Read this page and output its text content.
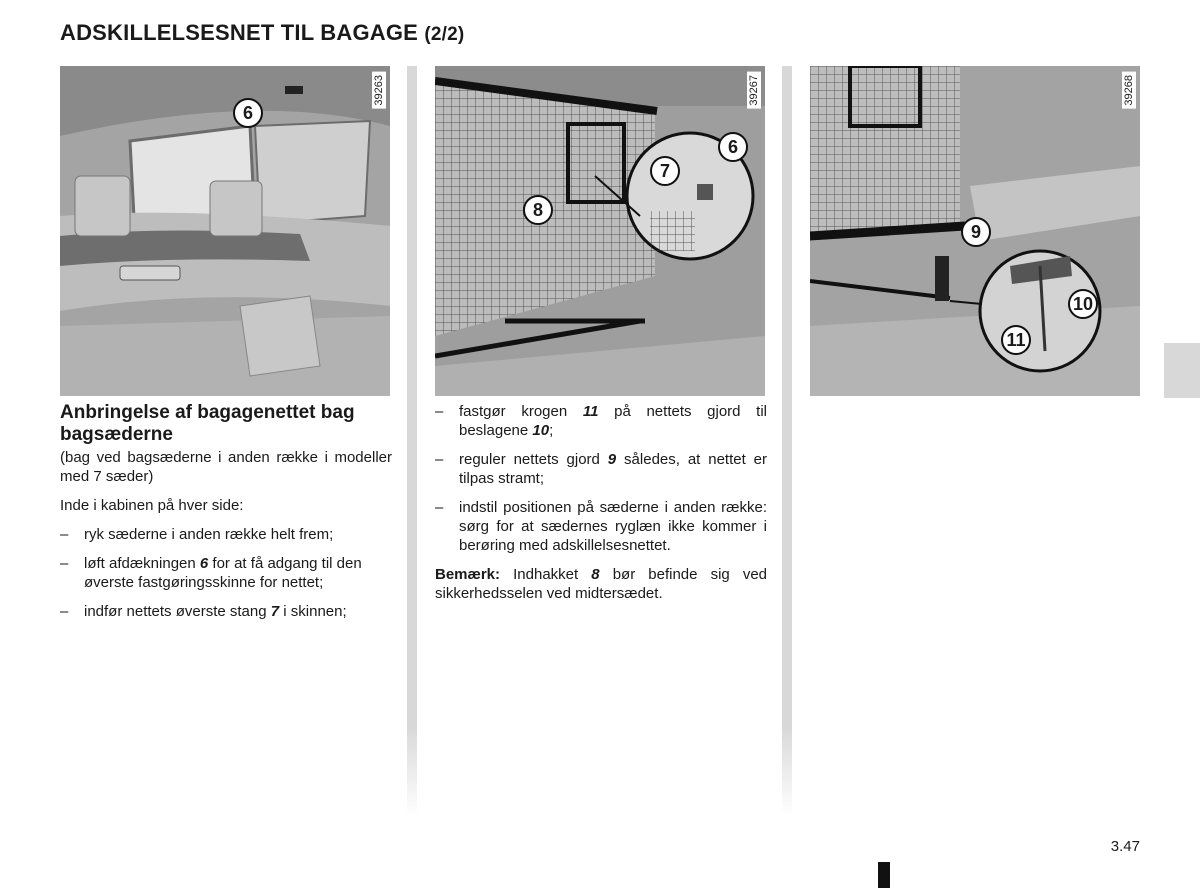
ADSKILLELSESNET TIL BAGAGE (2/2)
39263
6
39267
6
7
8
39268
9
10
11
Anbringelse af bagagenettet bag bagsæderne

(bag ved bagsæderne i anden række i modeller med 7 sæder)

Inde i kabinen på hver side:

– ryk sæderne i anden række helt frem;
– løft afdækningen 6 for at få adgang til den øverste fastgøringsskinne for nettet;
– indfør nettets øverste stang 7 i skinnen;
– fastgør krogen 11 på nettets gjord til beslagene 10;
– reguler nettets gjord 9 således, at nettet er tilpas stramt;
– indstil positionen på sæderne i anden række: sørg for at sædernes ryglæn ikke kommer i berøring med adskillelsesnettet.

Bemærk: Indhakket 8 bør befinde sig ved sikkerhedsselen ved midtersædet.

3.47
